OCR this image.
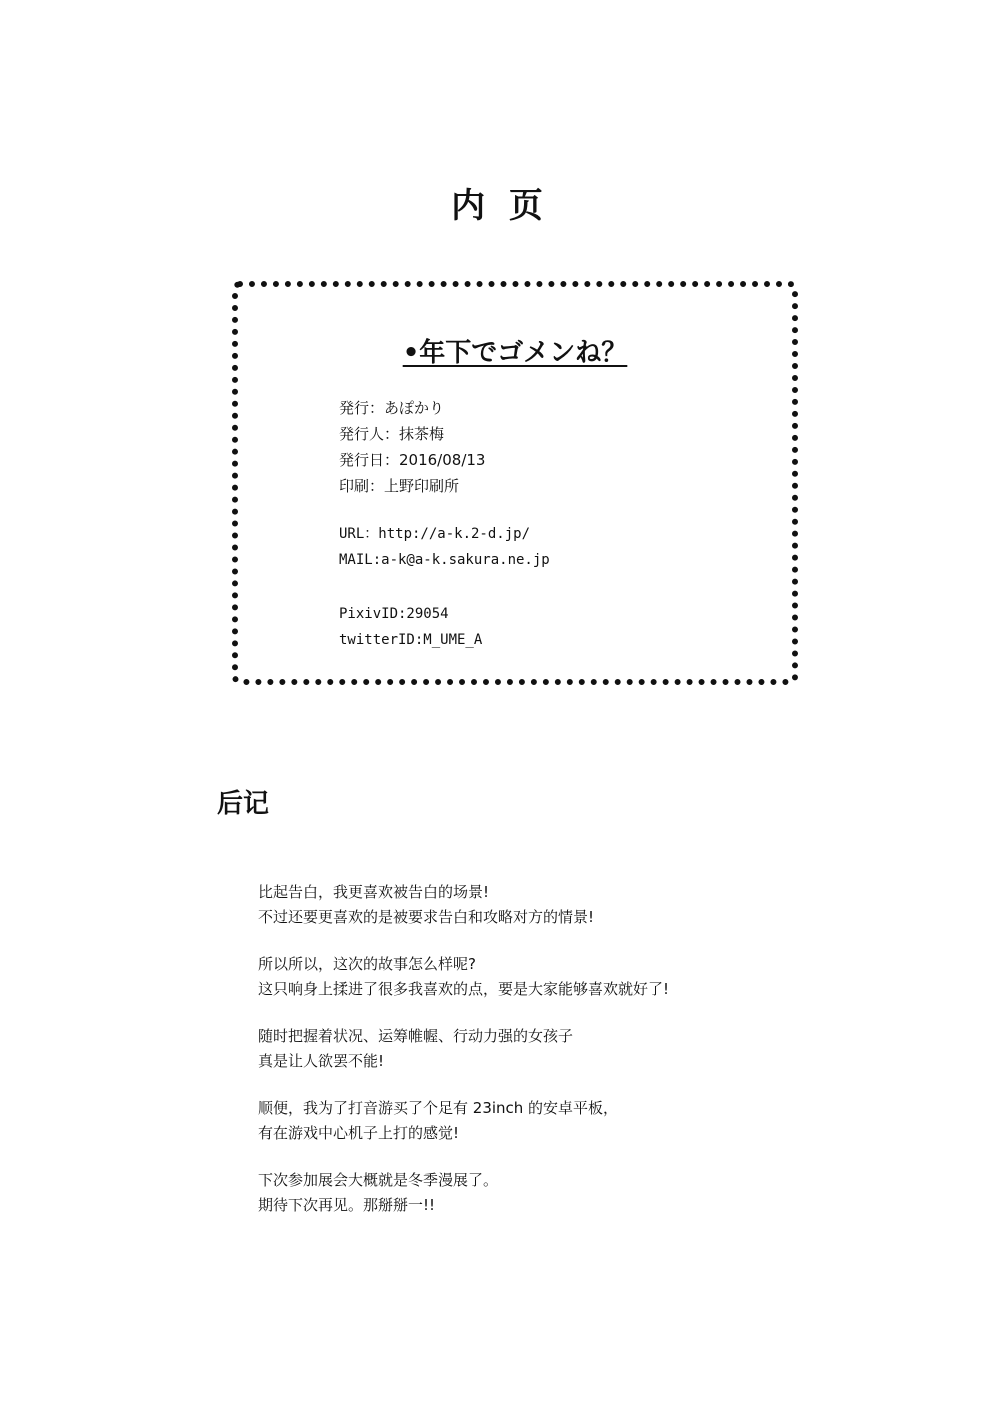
内 页
•年下でゴメンね？
発行：あぽかり
発行人：抹茶梅
発行日：2016/08/13
印刷：上野印刷所
URL：http://a-k.2-d.jp/
MAIL:a-k@a-k.sakura.ne.jp
PixivID:29054
twitterID:M_UME_A
后记
比起告白，我更喜欢被告白的场景!
不过还要更喜欢的是被要求告白和攻略对方的情景!
所以所以，这次的故事怎么样呢?
这只响身上揉进了很多我喜欢的点，要是大家能够喜欢就好了!
随时把握着状况、运筹帷幄、行动力强的女孩子
真是让人欲罢不能!
顺便，我为了打音游买了个足有 23inch 的安卓平板，
有在游戏中心机子上打的感觉!
下次参加展会大概就是冬季漫展了。
期待下次再见。那掰掰一!!
